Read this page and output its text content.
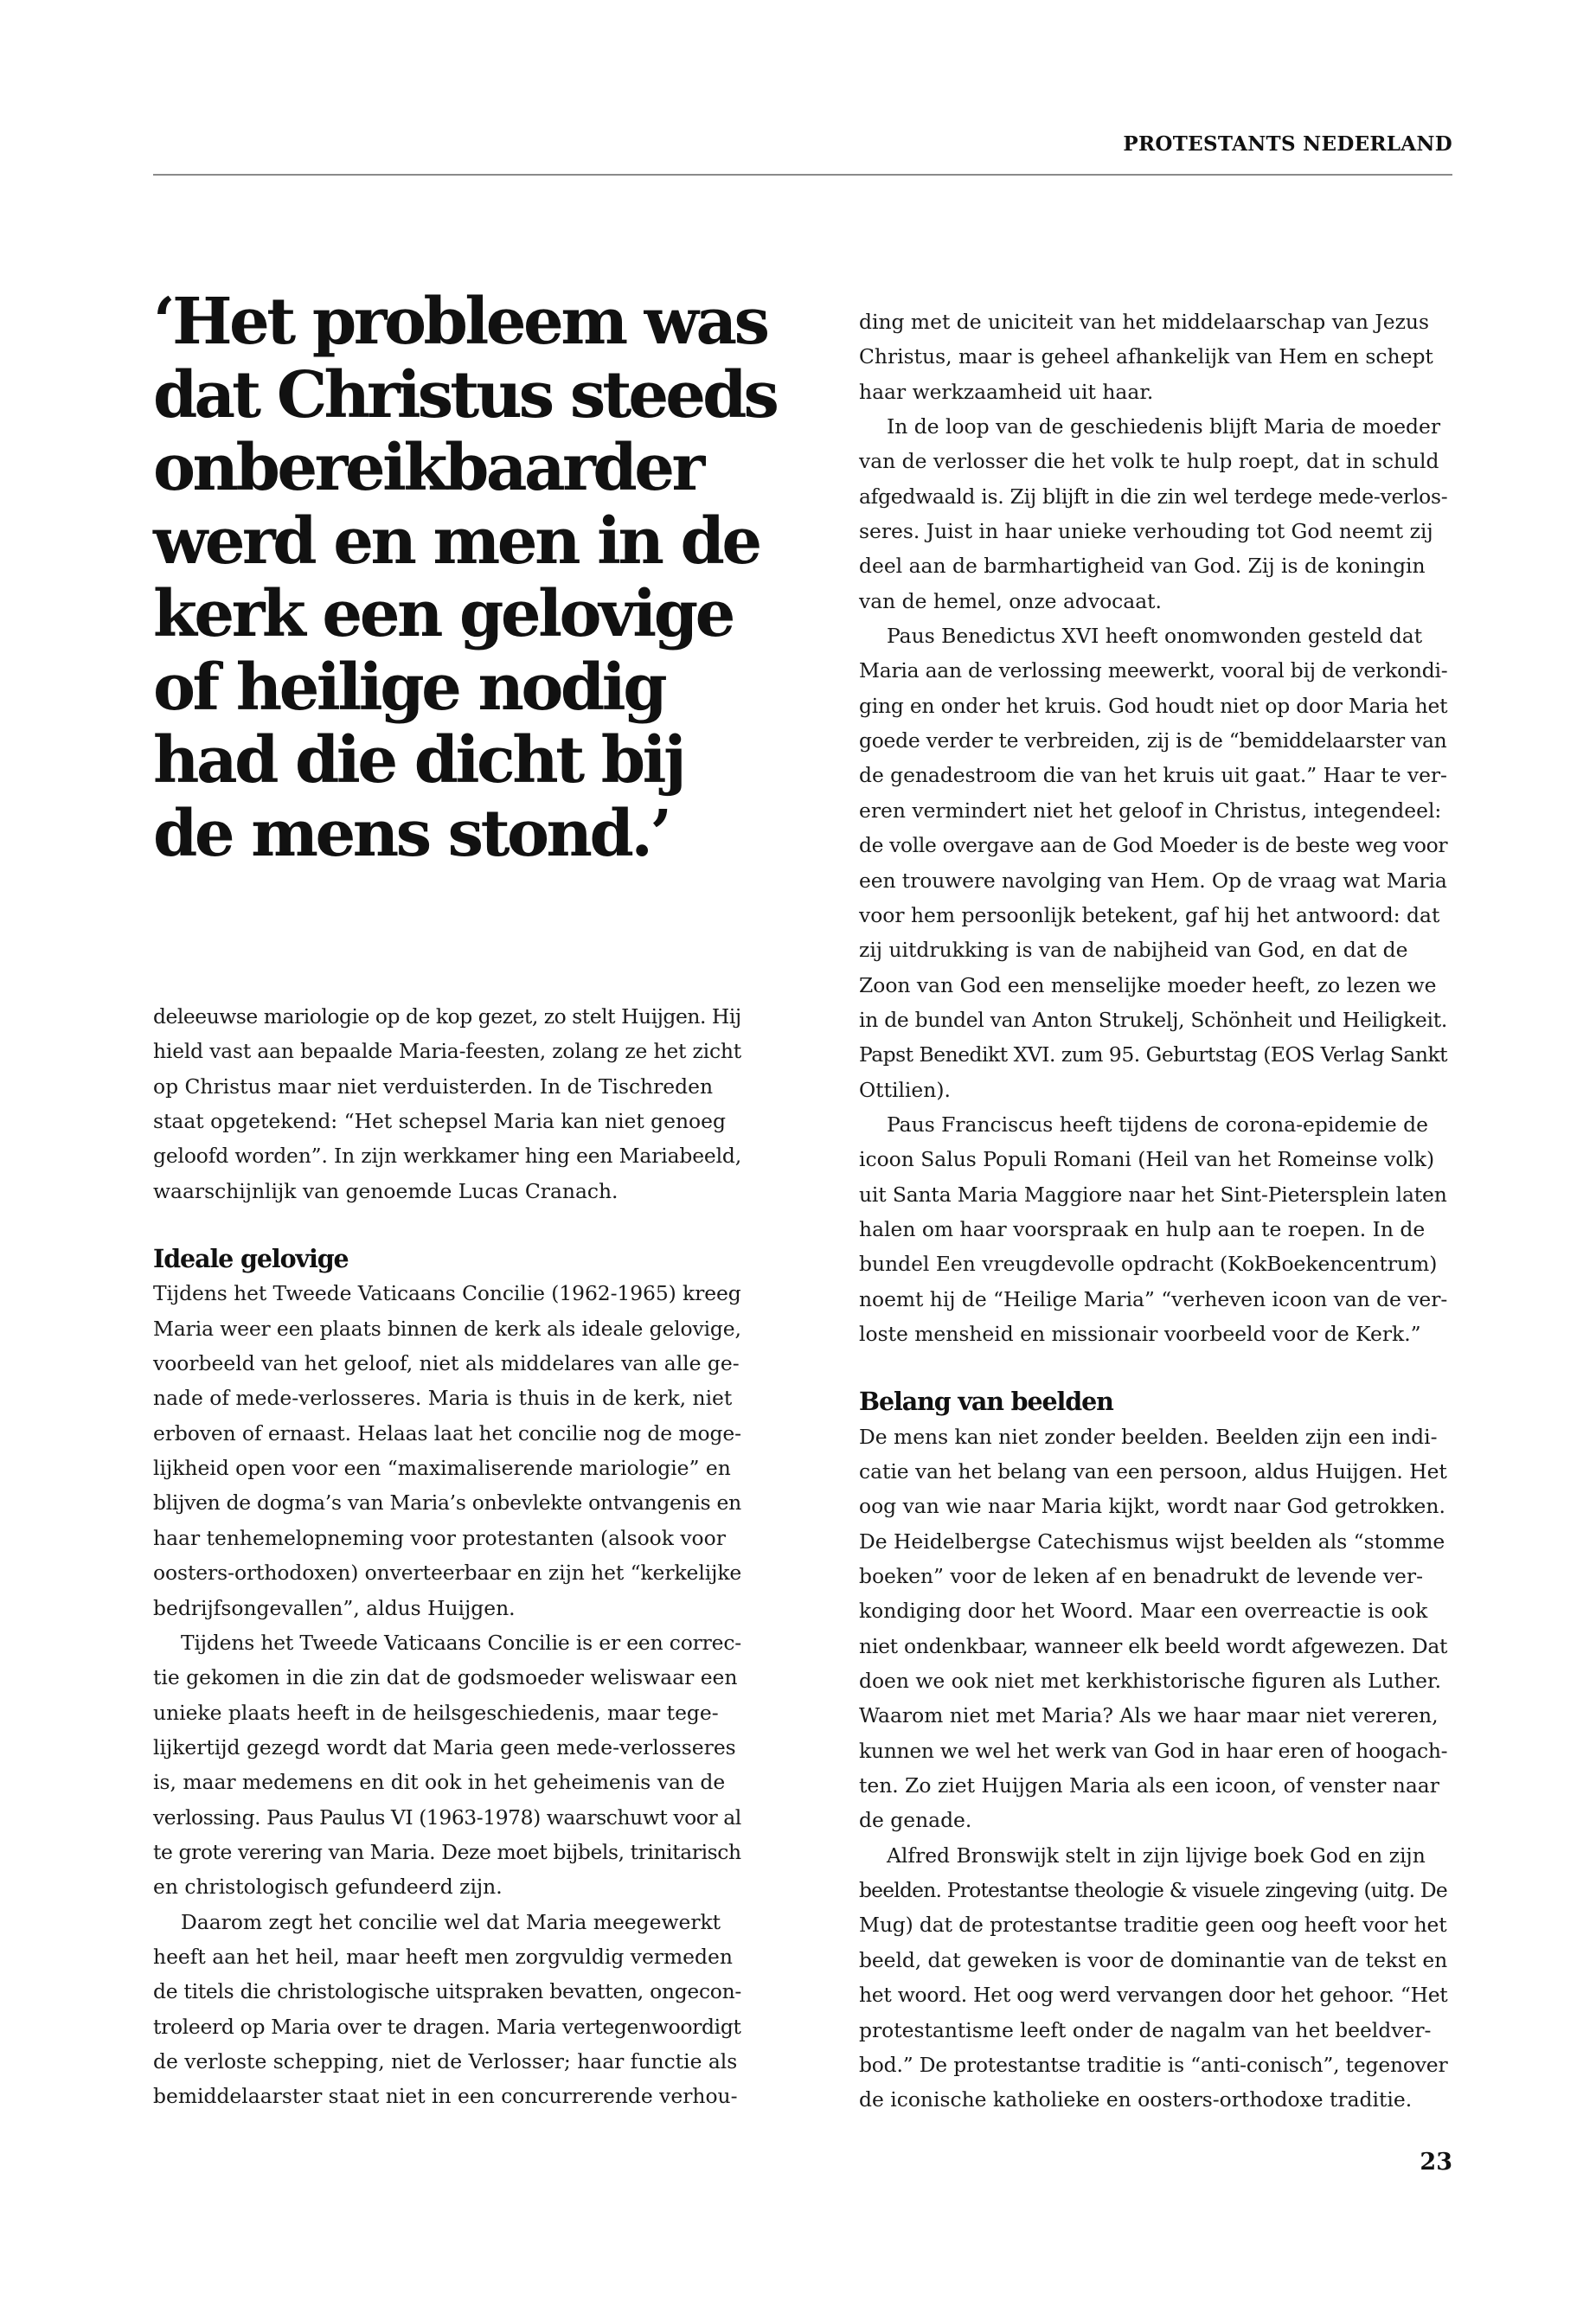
PROTESTANTS NEDERLAND
‘Het probleem was
dat Christus steeds
onbereikbaarder
werd en men in de
kerk een gelovige
of heilige nodig
had die dicht bij
de mens stond.’
deleeuwse mariologie op de kop gezet, zo stelt Huijgen. Hij
hield vast aan bepaalde Maria-feesten, zolang ze het zicht
op Christus maar niet verduisterden. In de Tischreden
staat opgetekend: “Het schepsel Maria kan niet genoeg
geloofd worden”. In zijn werkkamer hing een Mariabeeld,
waarschijnlijk van genoemde Lucas Cranach.
Ideale gelovige
Tijdens het Tweede Vaticaans Concilie (1962-1965) kreeg
Maria weer een plaats binnen de kerk als ideale gelovige,
voorbeeld van het geloof, niet als middelares van alle ge-
nade of mede-verlosseres. Maria is thuis in de kerk, niet
erboven of ernaast. Helaas laat het concilie nog de moge-
lijkheid open voor een “maximaliserende mariologie” en
blijven de dogma’s van Maria’s onbevlekte ontvangenis en
haar tenhemelopneming voor protestanten (alsook voor
oosters-orthodoxen) onverteerbaar en zijn het “kerkelijke
bedrijfsongevallen”, aldus Huijgen.
Tijdens het Tweede Vaticaans Concilie is er een correc-
tie gekomen in die zin dat de godsmoeder weliswaar een
unieke plaats heeft in de heilsgeschiedenis, maar tege-
lijkertijd gezegd wordt dat Maria geen mede-verlosseres
is, maar medemens en dit ook in het geheimenis van de
verlossing. Paus Paulus VI (1963-1978) waarschuwt voor al
te grote verering van Maria. Deze moet bijbels, trinitarisch
en christologisch gefundeerd zijn.
Daarom zegt het concilie wel dat Maria meegewerkt
heeft aan het heil, maar heeft men zorgvuldig vermeden
de titels die christologische uitspraken bevatten, ongecon-
troleerd op Maria over te dragen. Maria vertegenwoordigt
de verloste schepping, niet de Verlosser; haar functie als
bemiddelaarster staat niet in een concurrerende verhou-
ding met de uniciteit van het middelaarschap van Jezus
Christus, maar is geheel afhankelijk van Hem en schept
haar werkzaamheid uit haar.
In de loop van de geschiedenis blijft Maria de moeder
van de verlosser die het volk te hulp roept, dat in schuld
afgedwaald is. Zij blijft in die zin wel terdege mede-verlos-
seres. Juist in haar unieke verhouding tot God neemt zij
deel aan de barmhartigheid van God. Zij is de koningin
van de hemel, onze advocaat.
Paus Benedictus XVI heeft onomwonden gesteld dat
Maria aan de verlossing meewerkt, vooral bij de verkondi-
ging en onder het kruis. God houdt niet op door Maria het
goede verder te verbreiden, zij is de “bemiddelaarster van
de genadestroom die van het kruis uit gaat.” Haar te ver-
eren vermindert niet het geloof in Christus, integendeel:
de volle overgave aan de God Moeder is de beste weg voor
een trouwere navolging van Hem. Op de vraag wat Maria
voor hem persoonlijk betekent, gaf hij het antwoord: dat
zij uitdrukking is van de nabijheid van God, en dat de
Zoon van God een menselijke moeder heeft, zo lezen we
in de bundel van Anton Strukelj, Schönheit und Heiligkeit.
Papst Benedikt XVI. zum 95. Geburtstag (EOS Verlag Sankt
Ottilien).
Paus Franciscus heeft tijdens de corona-epidemie de
icoon Salus Populi Romani (Heil van het Romeinse volk)
uit Santa Maria Maggiore naar het Sint-Pietersplein laten
halen om haar voorspraak en hulp aan te roepen. In de
bundel Een vreugdevolle opdracht (KokBoekencentrum)
noemt hij de “Heilige Maria” “verheven icoon van de ver-
loste mensheid en missionair voorbeeld voor de Kerk.”
Belang van beelden
De mens kan niet zonder beelden. Beelden zijn een indi-
catie van het belang van een persoon, aldus Huijgen. Het
oog van wie naar Maria kijkt, wordt naar God getrokken.
De Heidelbergse Catechismus wijst beelden als “stomme
boeken” voor de leken af en benadrukt de levende ver-
kondiging door het Woord. Maar een overreactie is ook
niet ondenkbaar, wanneer elk beeld wordt afgewezen. Dat
doen we ook niet met kerkhistorische figuren als Luther.
Waarom niet met Maria? Als we haar maar niet vereren,
kunnen we wel het werk van God in haar eren of hoogach-
ten. Zo ziet Huijgen Maria als een icoon, of venster naar
de genade.
Alfred Bronswijk stelt in zijn lijvige boek God en zijn
beelden. Protestantse theologie & visuele zingeving (uitg. De
Mug) dat de protestantse traditie geen oog heeft voor het
beeld, dat geweken is voor de dominantie van de tekst en
het woord. Het oog werd vervangen door het gehoor. “Het
protestantisme leeft onder de nagalm van het beeldver-
bod.” De protestantse traditie is “anti-conisch”, tegenover
de iconische katholieke en oosters-orthodoxe traditie.
23
